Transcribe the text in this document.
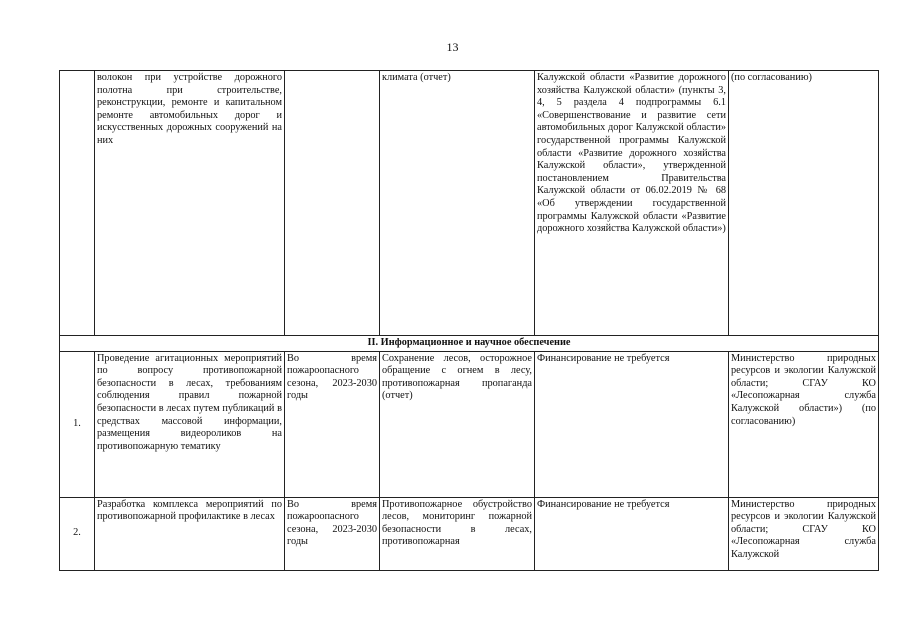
13
	волокон при устройстве дорожного полотна при строительстве, реконструкции, ремонте и капитальном ремонте автомобильных дорог и искусственных дорожных сооружений на них		климата (отчет)	Калужской области «Развитие дорожного хозяйства Калужской области» (пункты 3, 4, 5 раздела 4 подпрограммы 6.1 «Совершенствование и развитие сети автомобильных дорог Калужской области» государственной программы Калужской области «Развитие дорожного хозяйства Калужской области», утвержденной постановлением Правительства Калужской области от 06.02.2019 № 68 «Об утверждении государственной программы Калужской области «Развитие дорожного хозяйства Калужской области»)	(по согласованию)
II. Информационное и научное обеспечение					
1.	Проведение агитационных мероприятий по вопросу противопожарной безопасности в лесах, требованиям соблюдения правил пожарной безопасности в лесах путем публикаций в средствах массовой информации, размещения видеороликов на противопожарную тематику	Во время пожароопасного сезона, 2023-2030 годы	Сохранение лесов, осторожное обращение с огнем в лесу, противопожарная пропаганда (отчет)	Финансирование не требуется	Министерство природных ресурсов и экологии Калужской области; СГАУ КО «Лесопожарная служба Калужской области») (по согласованию)
2.	Разработка комплекса мероприятий по противопожарной профилактике в лесах	Во время пожароопасного сезона, 2023-2030 годы	Противопожарное обустройство лесов, мониторинг пожарной безопасности в лесах, противопожарная	Финансирование не требуется	Министерство природных ресурсов и экологии Калужской области; СГАУ КО «Лесопожарная служба Калужской
